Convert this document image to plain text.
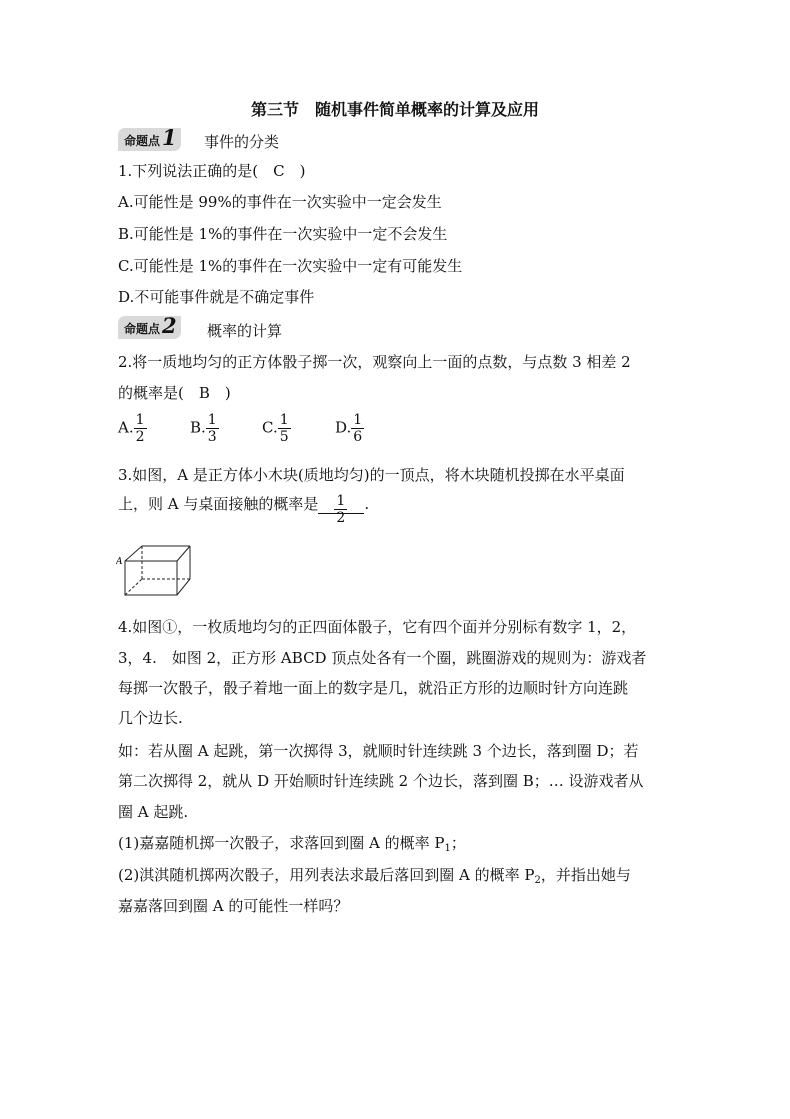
第三节　随机事件简单概率的计算及应用
命题点1 事件的分类
1.下列说法正确的是(　C　)
A.可能性是 99%的事件在一次实验中一定会发生
B.可能性是 1%的事件在一次实验中一定不会发生
C.可能性是 1%的事件在一次实验中一定有可能发生
D.不可能事件就是不确定事件
命题点2 概率的计算
2.将一质地均匀的正方体骰子掷一次，观察向上一面的点数，与点数 3 相差 2
的概率是(　B　)
A. $\frac{1}{2}$	B. $\frac{1}{3}$	C. $\frac{1}{5}$	D. $\frac{1}{6}$
3.如图，A 是正方体小木块(质地均匀)的一顶点，将木块随机投掷在水平桌面
上，则 A 与桌面接触的概率是 $\frac{1}{2}$ .
A
4.如图①，一枚质地均匀的正四面体骰子，它有四个面并分别标有数字 1，2，
3，4.　如图 2，正方形 ABCD 顶点处各有一个圈，跳圈游戏的规则为：游戏者
每掷一次骰子，骰子着地一面上的数字是几，就沿正方形的边顺时针方向连跳
几个边长.
如：若从圈 A 起跳，第一次掷得 3，就顺时针连续跳 3 个边长，落到圈 D；若
第二次掷得 2，就从 D 开始顺时针连续跳 2 个边长，落到圈 B；… 设游戏者从
圈 A 起跳.
(1)嘉嘉随机掷一次骰子，求落回到圈 A 的概率 $P_1$；
(2)淇淇随机掷两次骰子，用列表法求最后落回到圈 A 的概率 $P_2$，并指出她与
嘉嘉落回到圈 A 的可能性一样吗？
